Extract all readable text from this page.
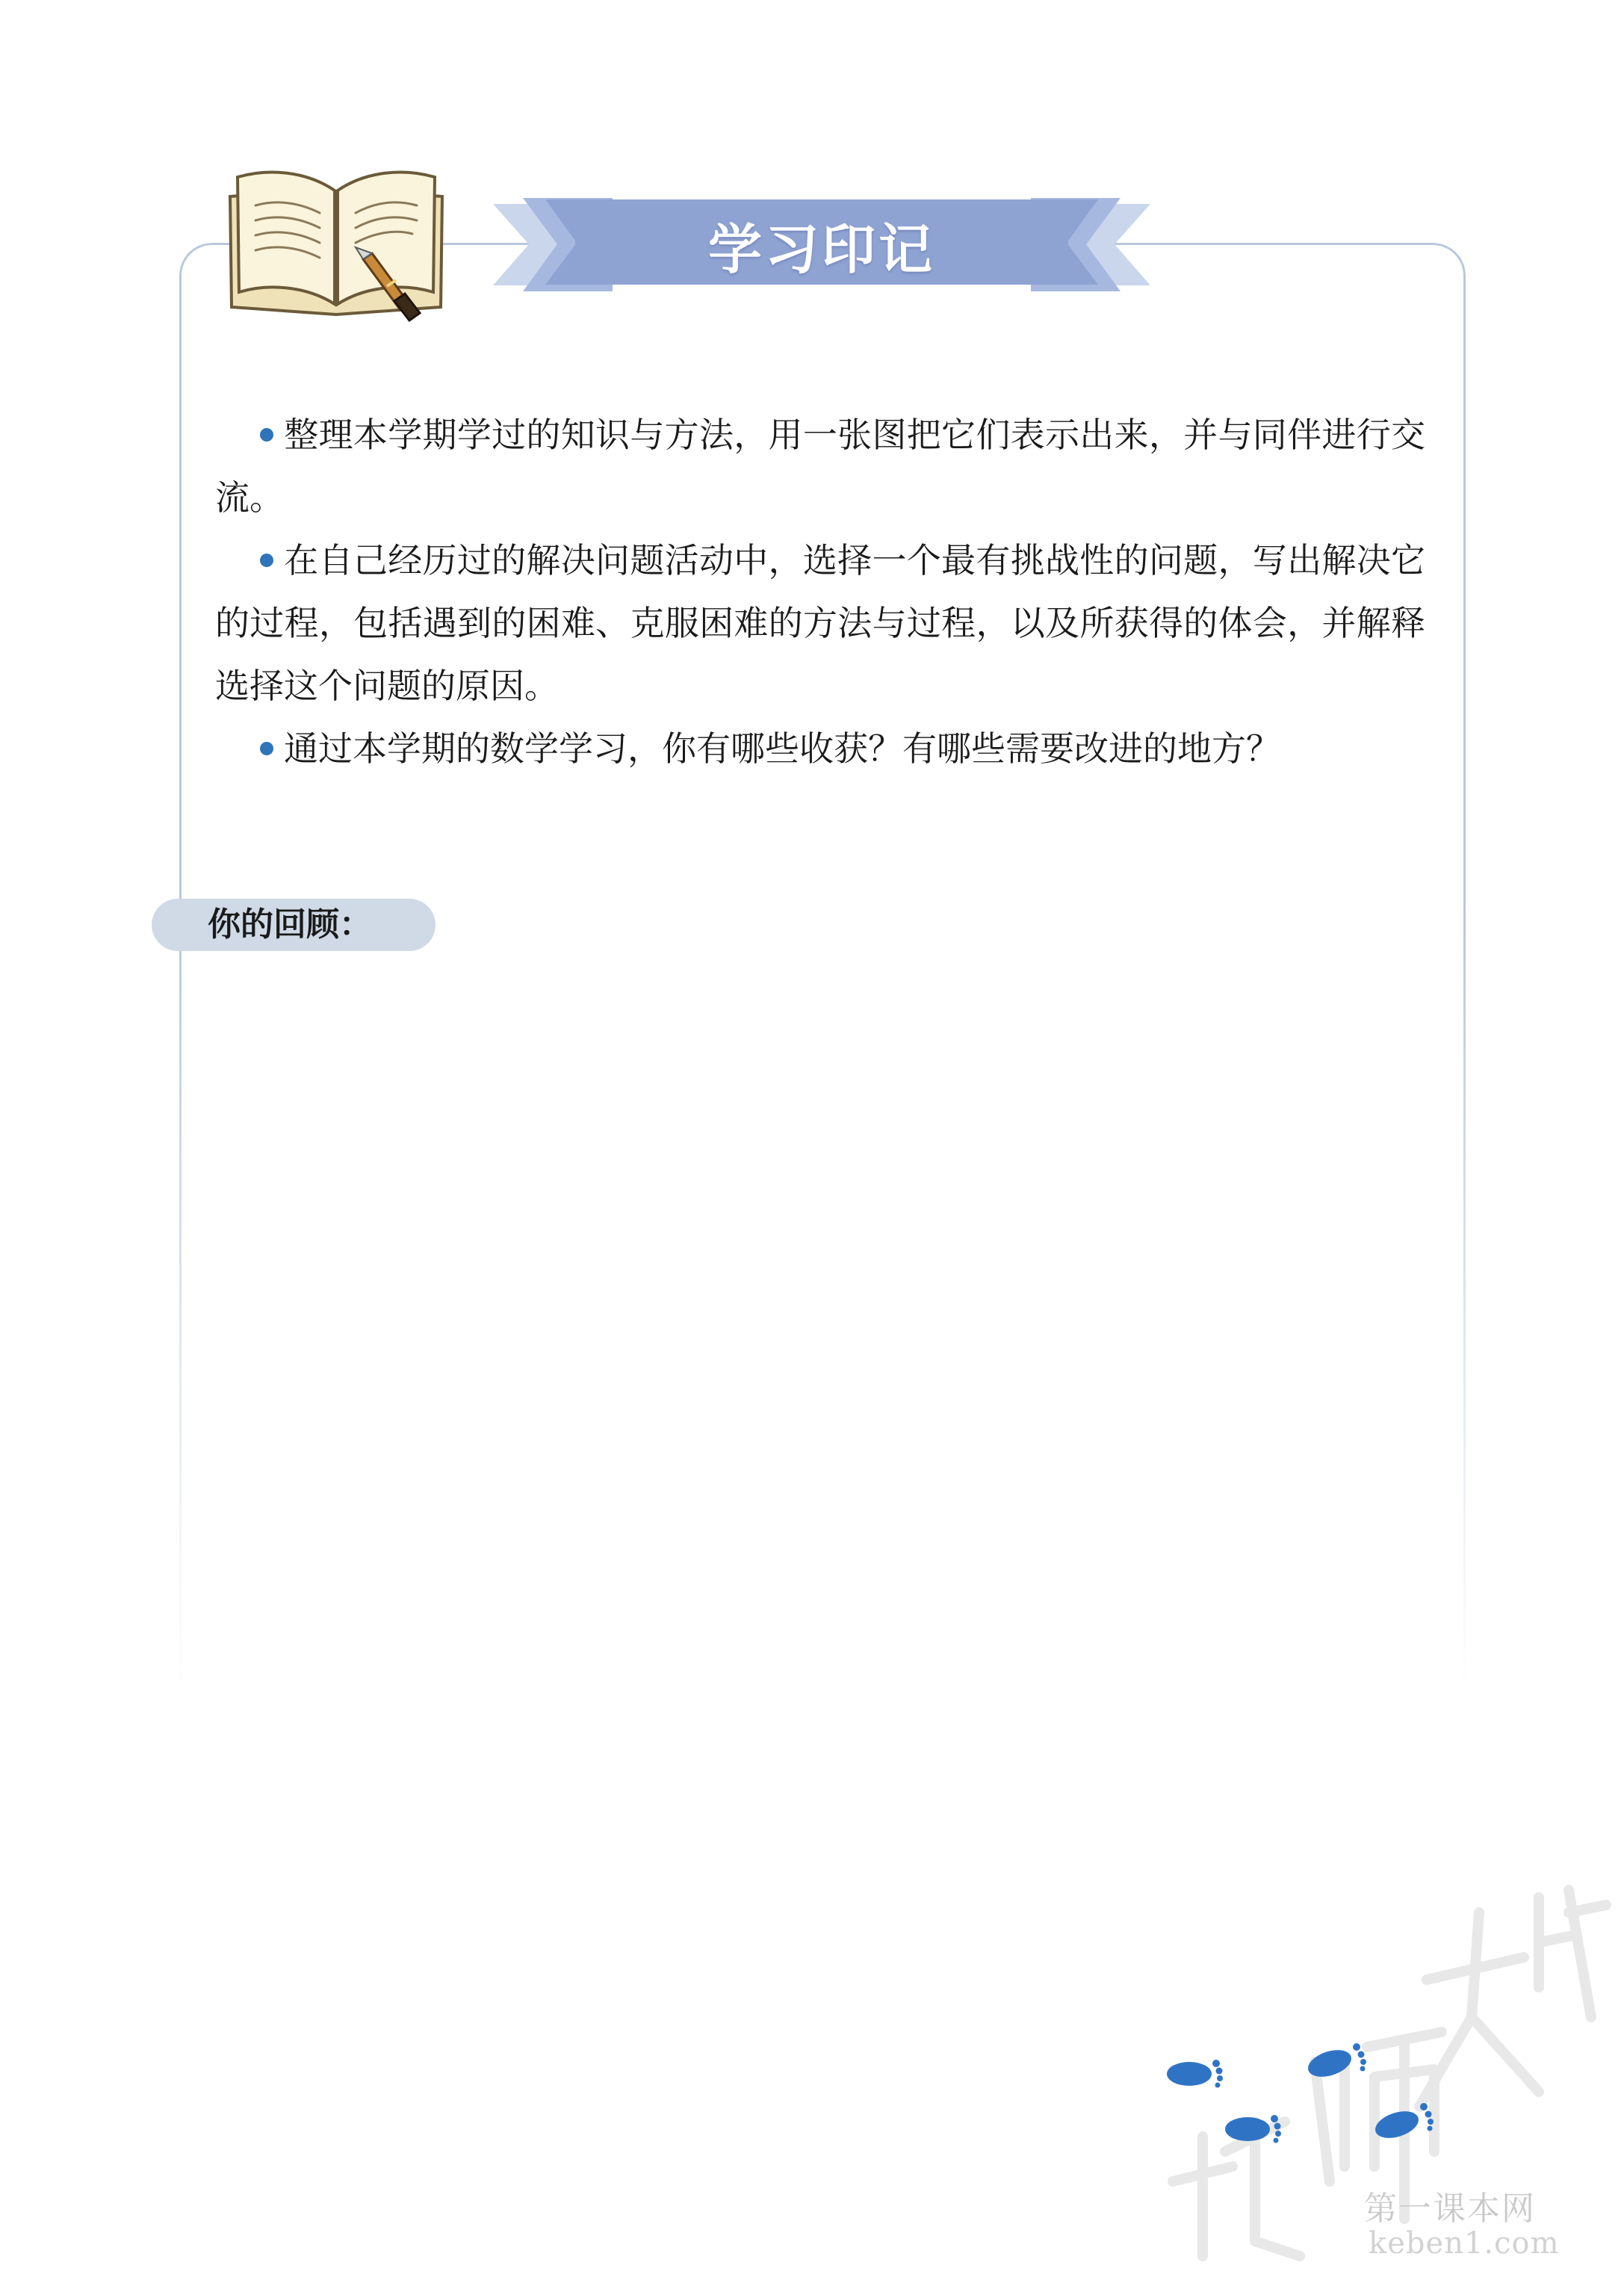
学习印记

整理本学期学过的知识与方法，用一张图把它们表示出来，并与同伴进行交流。

在自己经历过的解决问题活动中，选择一个最有挑战性的问题，写出解决它的过程，包括遇到的困难、克服困难的方法与过程，以及所获得的体会，并解释选择这个问题的原因。

通过本学期的数学学习，你有哪些收获？有哪些需要改进的地方？

你的回顾：
第一课本网
keben1.com
